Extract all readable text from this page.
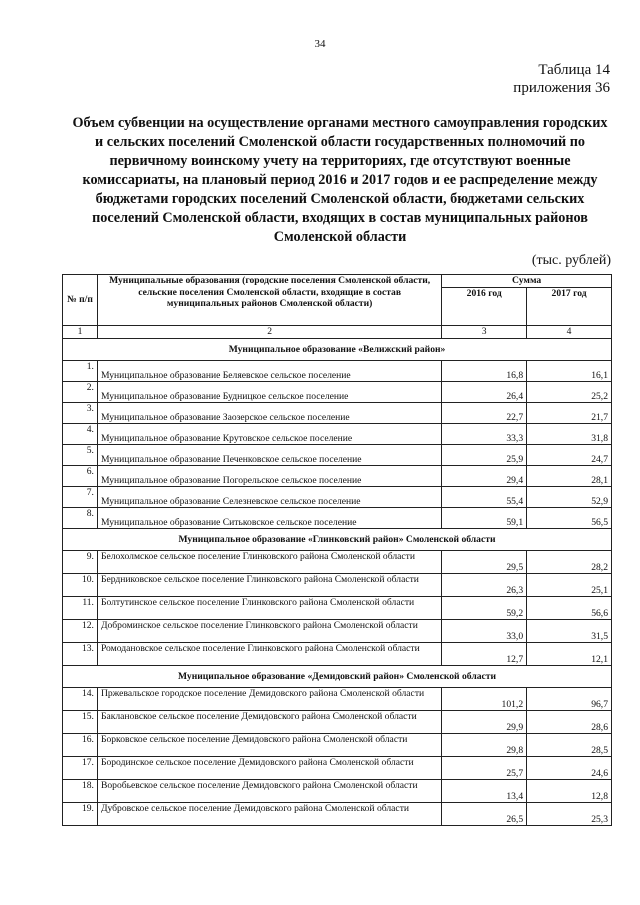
34
Таблица 14
приложения 36
Объем субвенции на осуществление органами местного самоуправления городских и сельских поселений Смоленской области государственных полномочий по первичному воинскому учету на территориях, где отсутствуют военные комиссариаты, на плановый период 2016 и 2017 годов и ее распределение между бюджетами городских поселений Смоленской области, бюджетами сельских поселений Смоленской области, входящих в состав муниципальных районов Смоленской области
(тыс. рублей)
№ п/п	Муниципальные образования (городские поселения Смоленской области, сельские поселения Смоленской области, входящие в состав муниципальных районов Смоленской области)	Сумма	
		2016 год	2017 год
1	2	3	4
Муниципальное образование «Велижский район»			
1.	Муниципальное образование Беляевское сельское поселение	16,8	16,1
2.	Муниципальное образование Будницкое сельское поселение	26,4	25,2
3.	Муниципальное образование Заозерское сельское поселение	22,7	21,7
4.	Муниципальное образование Крутовское сельское поселение	33,3	31,8
5.	Муниципальное образование Печенковское сельское поселение	25,9	24,7
6.	Муниципальное образование Погорельское сельское поселение	29,4	28,1
7.	Муниципальное образование Селезневское сельское поселение	55,4	52,9
8.	Муниципальное образование Ситьковское сельское поселение	59,1	56,5
Муниципальное образование «Глинковский район» Смоленской области			
9.	Белохолмское сельское поселение Глинковского района Смоленской области	29,5	28,2
10.	Бердниковское сельское поселение Глинковского района Смоленской области	26,3	25,1
11.	Болтутинское сельское поселение Глинковского района Смоленской области	59,2	56,6
12.	Доброминское сельское поселение Глинковского района Смоленской области	33,0	31,5
13.	Ромодановское сельское поселение Глинковского района Смоленской области	12,7	12,1
Муниципальное образование «Демидовский район» Смоленской области			
14.	Пржевальское городское поселение Демидовского района Смоленской области	101,2	96,7
15.	Баклановское сельское поселение Демидовского района Смоленской области	29,9	28,6
16.	Борковское сельское поселение Демидовского района Смоленской области	29,8	28,5
17.	Бородинское сельское поселение Демидовского района Смоленской области	25,7	24,6
18.	Воробьевское сельское поселение Демидовского района Смоленской области	13,4	12,8
19.	Дубровское сельское поселение Демидовского района Смоленской области	26,5	25,3
